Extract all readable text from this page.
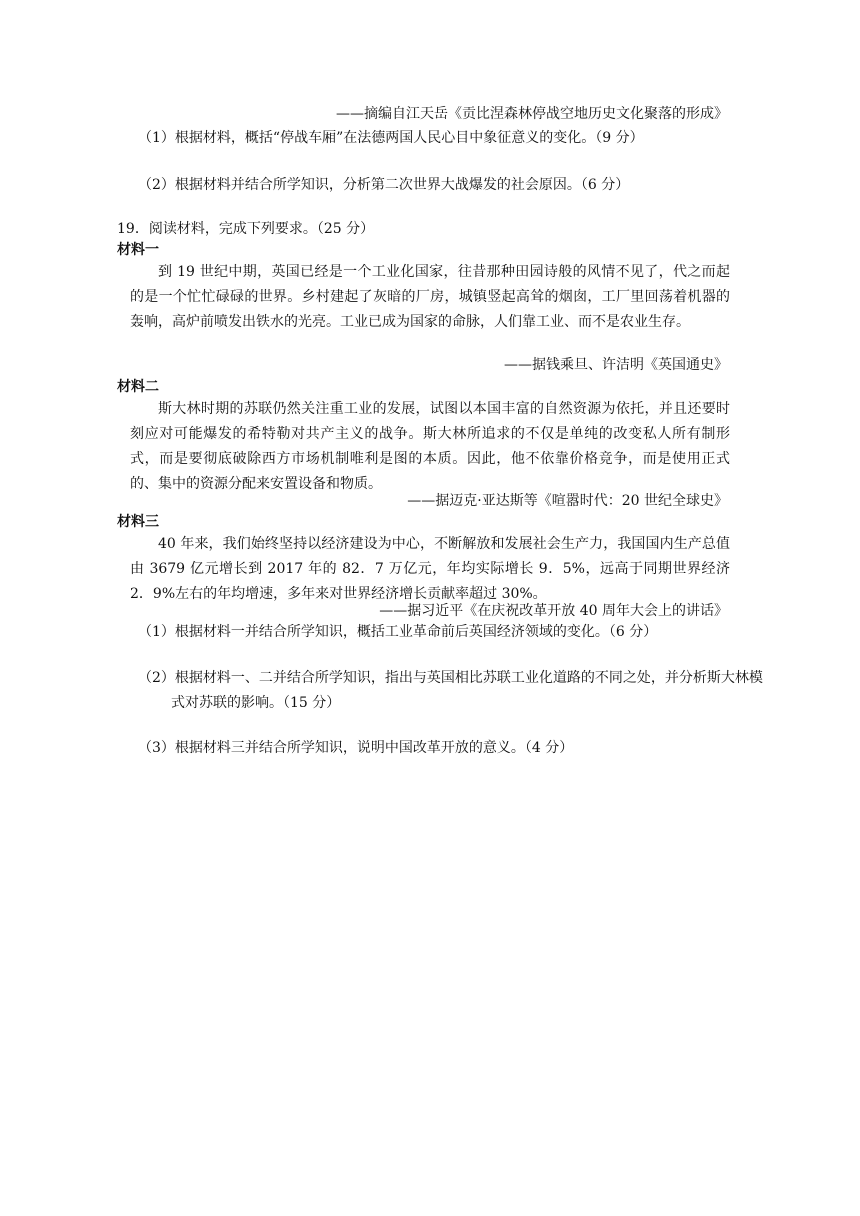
——摘编自江天岳《贡比涅森林停战空地历史文化聚落的形成》
（1）根据材料，概括“停战车厢”在法德两国人民心目中象征意义的变化。（9 分）
（2）根据材料并结合所学知识，分析第二次世界大战爆发的社会原因。（6 分）
19．阅读材料，完成下列要求。（25 分）
材料一
到 19 世纪中期，英国已经是一个工业化国家，往昔那种田园诗般的风情不见了，代之而起的是一个忙忙碌碌的世界。乡村建起了灰暗的厂房，城镇竖起高耸的烟囱，工厂里回荡着机器的轰响，高炉前喷发出铁水的光亮。工业已成为国家的命脉，人们靠工业、而不是农业生存。
——据钱乘旦、许洁明《英国通史》
材料二
斯大林时期的苏联仍然关注重工业的发展，试图以本国丰富的自然资源为依托，并且还要时刻应对可能爆发的希特勒对共产主义的战争。斯大林所追求的不仅是单纯的改变私人所有制形式，而是要彻底破除西方市场机制唯利是图的本质。因此，他不依靠价格竞争，而是使用正式的、集中的资源分配来安置设备和物质。
——据迈克·亚达斯等《喧嚣时代：20 世纪全球史》
材料三
40 年来，我们始终坚持以经济建设为中心，不断解放和发展社会生产力，我国国内生产总值由 3679 亿元增长到 2017 年的 82．7 万亿元，年均实际增长 9．5%，远高于同期世界经济 2．9%左右的年均增速，多年来对世界经济增长贡献率超过 30%。
——据习近平《在庆祝改革开放 40 周年大会上的讲话》
（1）根据材料一并结合所学知识，概括工业革命前后英国经济领域的变化。（6 分）
（2）根据材料一、二并结合所学知识，指出与英国相比苏联工业化道路的不同之处，并分析斯大林模式对苏联的影响。（15 分）
（3）根据材料三并结合所学知识，说明中国改革开放的意义。（4 分）
